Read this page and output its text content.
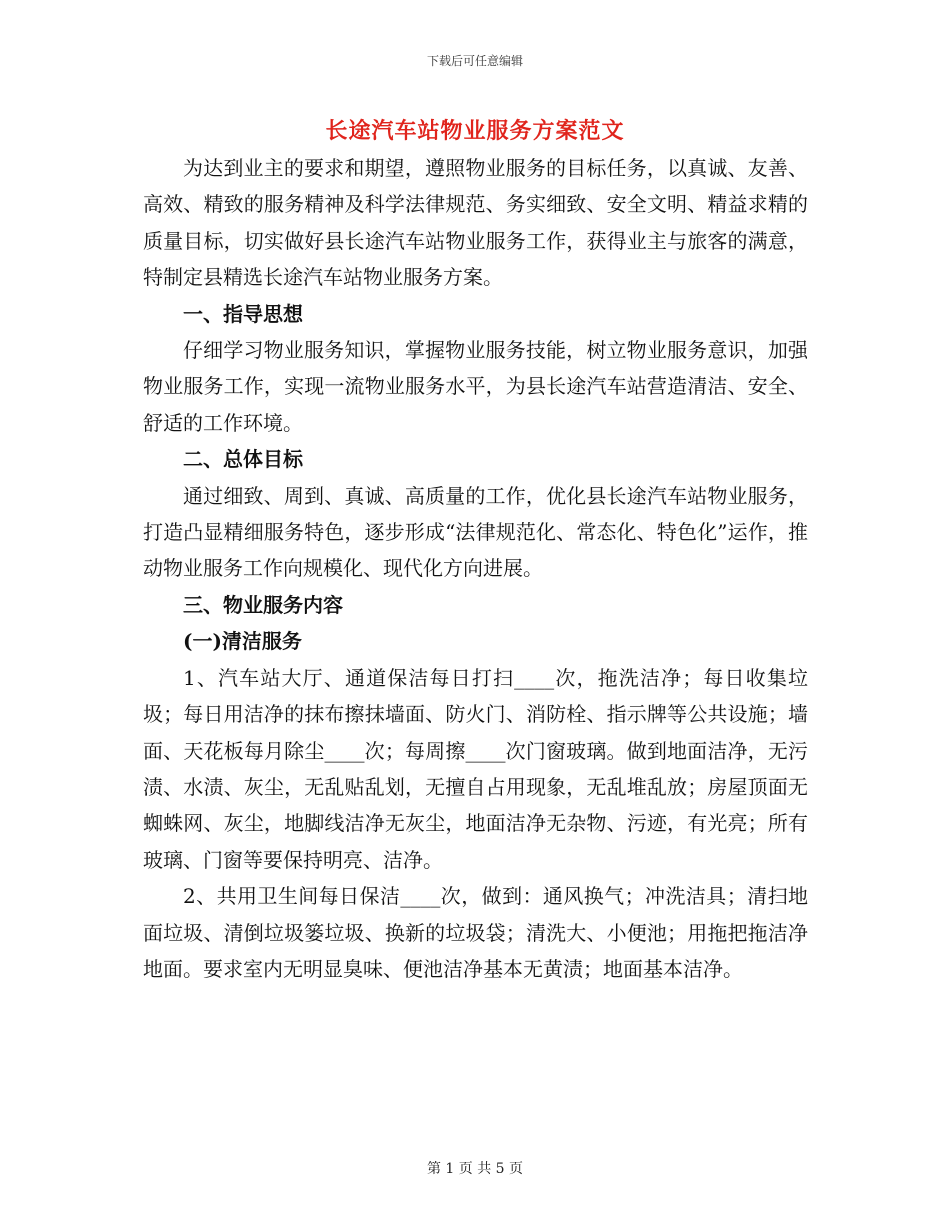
下载后可任意编辑
长途汽车站物业服务方案范文

为达到业主的要求和期望，遵照物业服务的目标任务，以真诚、友善、高效、精致的服务精神及科学法律规范、务实细致、安全文明、精益求精的质量目标，切实做好县长途汽车站物业服务工作，获得业主与旅客的满意，特制定县精选长途汽车站物业服务方案。

一、指导思想

仔细学习物业服务知识，掌握物业服务技能，树立物业服务意识，加强物业服务工作，实现一流物业服务水平，为县长途汽车站营造清洁、安全、舒适的工作环境。

二、总体目标

通过细致、周到、真诚、高质量的工作，优化县长途汽车站物业服务，打造凸显精细服务特色，逐步形成“法律规范化、常态化、特色化”运作，推动物业服务工作向规模化、现代化方向进展。

三、物业服务内容

(一)清洁服务

1、汽车站大厅、通道保洁每日打扫____次，拖洗洁净；每日收集垃圾；每日用洁净的抹布擦抹墙面、防火门、消防栓、指示牌等公共设施；墙面、天花板每月除尘____次；每周擦____次门窗玻璃。做到地面洁净，无污渍、水渍、灰尘，无乱贴乱划，无擅自占用现象，无乱堆乱放；房屋顶面无蜘蛛网、灰尘，地脚线洁净无灰尘，地面洁净无杂物、污迹，有光亮；所有玻璃、门窗等要保持明亮、洁净。

2、共用卫生间每日保洁____次，做到：通风换气；冲洗洁具；清扫地面垃圾、清倒垃圾篓垃圾、换新的垃圾袋；清洗大、小便池；用拖把拖洁净地面。要求室内无明显臭味、便池洁净基本无黄渍；地面基本洁净。

第 1 页 共 5 页
